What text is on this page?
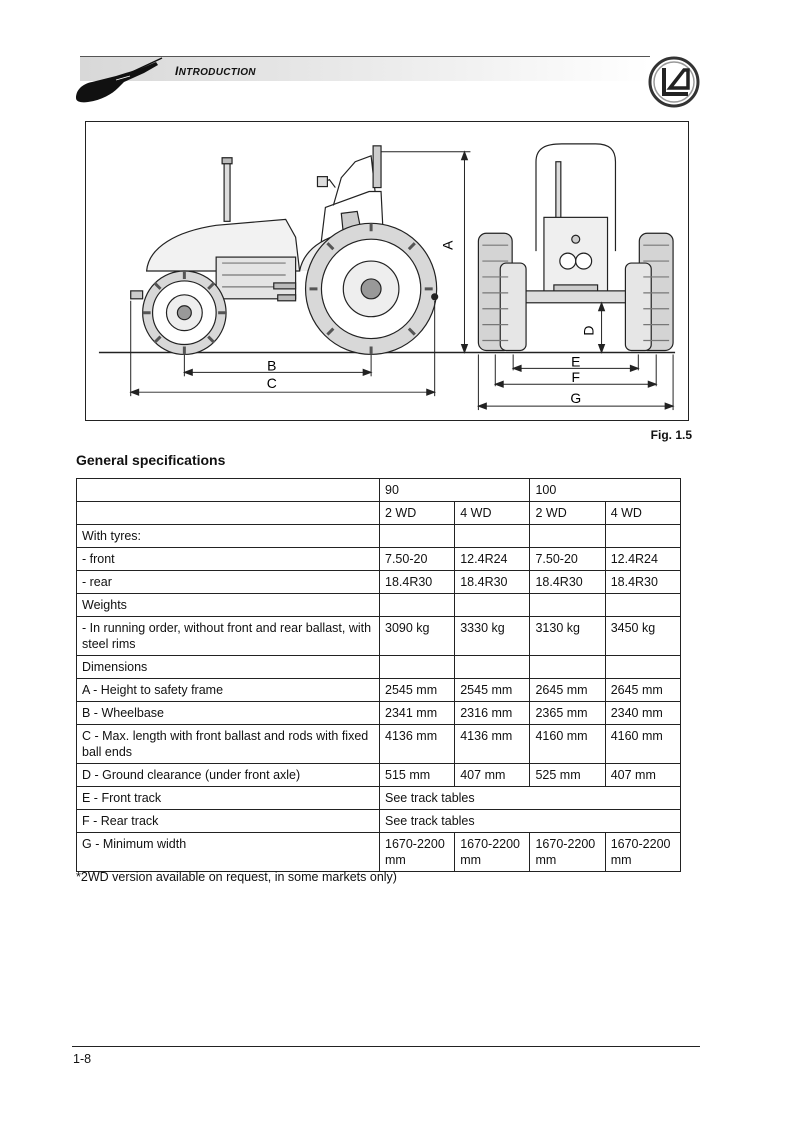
INTRODUCTION
B
C
A
D
E
F
G
Fig. 1.5
General specifications
	90		100	
	2 WD	4 WD	2 WD	4 WD
With tyres:				
- front	7.50-20	12.4R24	7.50-20	12.4R24
- rear	18.4R30	18.4R30	18.4R30	18.4R30
Weights				
- In running order, without front and rear ballast, with steel rims	3090 kg	3330 kg	3130 kg	3450 kg
Dimensions				
A - Height to safety frame	2545 mm	2545 mm	2645 mm	2645 mm
B - Wheelbase	2341 mm	2316 mm	2365 mm	2340 mm
C - Max. length with front ballast and rods with fixed ball ends	4136 mm	4136 mm	4160 mm	4160 mm
D - Ground clearance (under front axle)	515 mm	407 mm	525 mm	407 mm
E - Front track	See track tables			
F - Rear track	See track tables			
G - Minimum width	1670-2200 mm	1670-2200 mm	1670-2200 mm	1670-2200 mm
*2WD version available on request, in some markets only)
1-8
